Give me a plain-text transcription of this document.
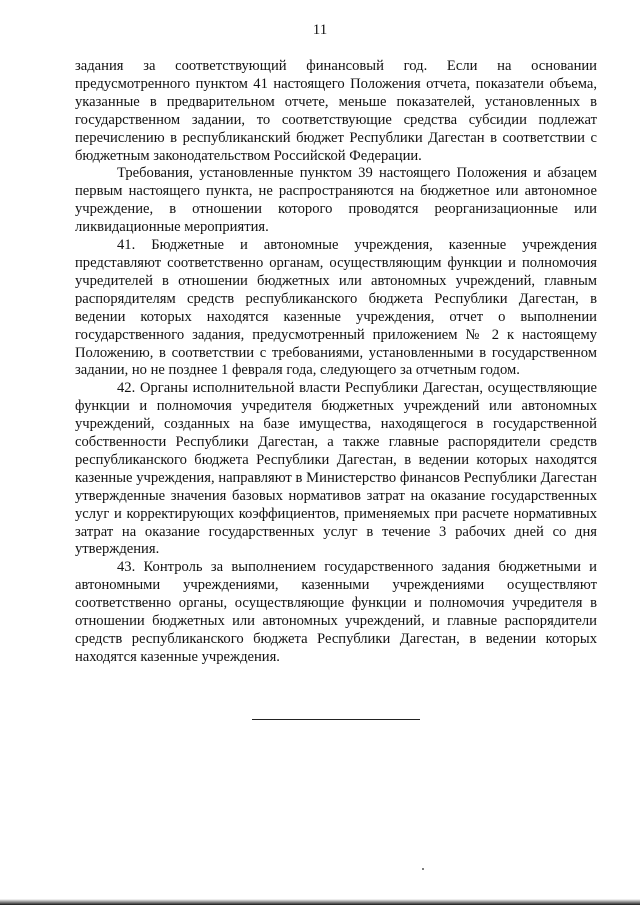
11

задания за соответствующий финансовый год. Если на основании предусмотренного пунктом 41 настоящего Положения отчета, показатели объема, указанные в предварительном отчете, меньше показателей, установленных в государственном задании, то соответствующие средства субсидии подлежат перечислению в республиканский бюджет Республики Дагестан в соответствии с бюджетным законодательством Российской Федерации.

Требования, установленные пунктом 39 настоящего Положения и абзацем первым настоящего пункта, не распространяются на бюджетное или автономное учреждение, в отношении которого проводятся реорганизационные или ликвидационные мероприятия.

41. Бюджетные и автономные учреждения, казенные учреждения представляют соответственно органам, осуществляющим функции и полномочия учредителей в отношении бюджетных или автономных учреждений, главным распорядителям средств республиканского бюджета Республики Дагестан, в ведении которых находятся казенные учреждения, отчет о выполнении государственного задания, предусмотренный приложением № 2 к настоящему Положению, в соответствии с требованиями, установленными в государственном задании, но не позднее 1 февраля года, следующего за отчетным годом.

42. Органы исполнительной власти Республики Дагестан, осуществляющие функции и полномочия учредителя бюджетных учреждений или автономных учреждений, созданных на базе имущества, находящегося в государственной собственности Республики Дагестан, а также главные распорядители средств республиканского бюджета Республики Дагестан, в ведении которых находятся казенные учреждения, направляют в Министерство финансов Республики Дагестан утвержденные значения базовых нормативов затрат на оказание государственных услуг и корректирующих коэффициентов, применяемых при расчете нормативных затрат на оказание государственных услуг в течение 3 рабочих дней со дня утверждения.

43. Контроль за выполнением государственного задания бюджетными и автономными учреждениями, казенными учреждениями осуществляют соответственно органы, осуществляющие функции и полномочия учредителя в отношении бюджетных или автономных учреждений, и главные распорядители средств республиканского бюджета Республики Дагестан, в ведении которых находятся казенные учреждения.
